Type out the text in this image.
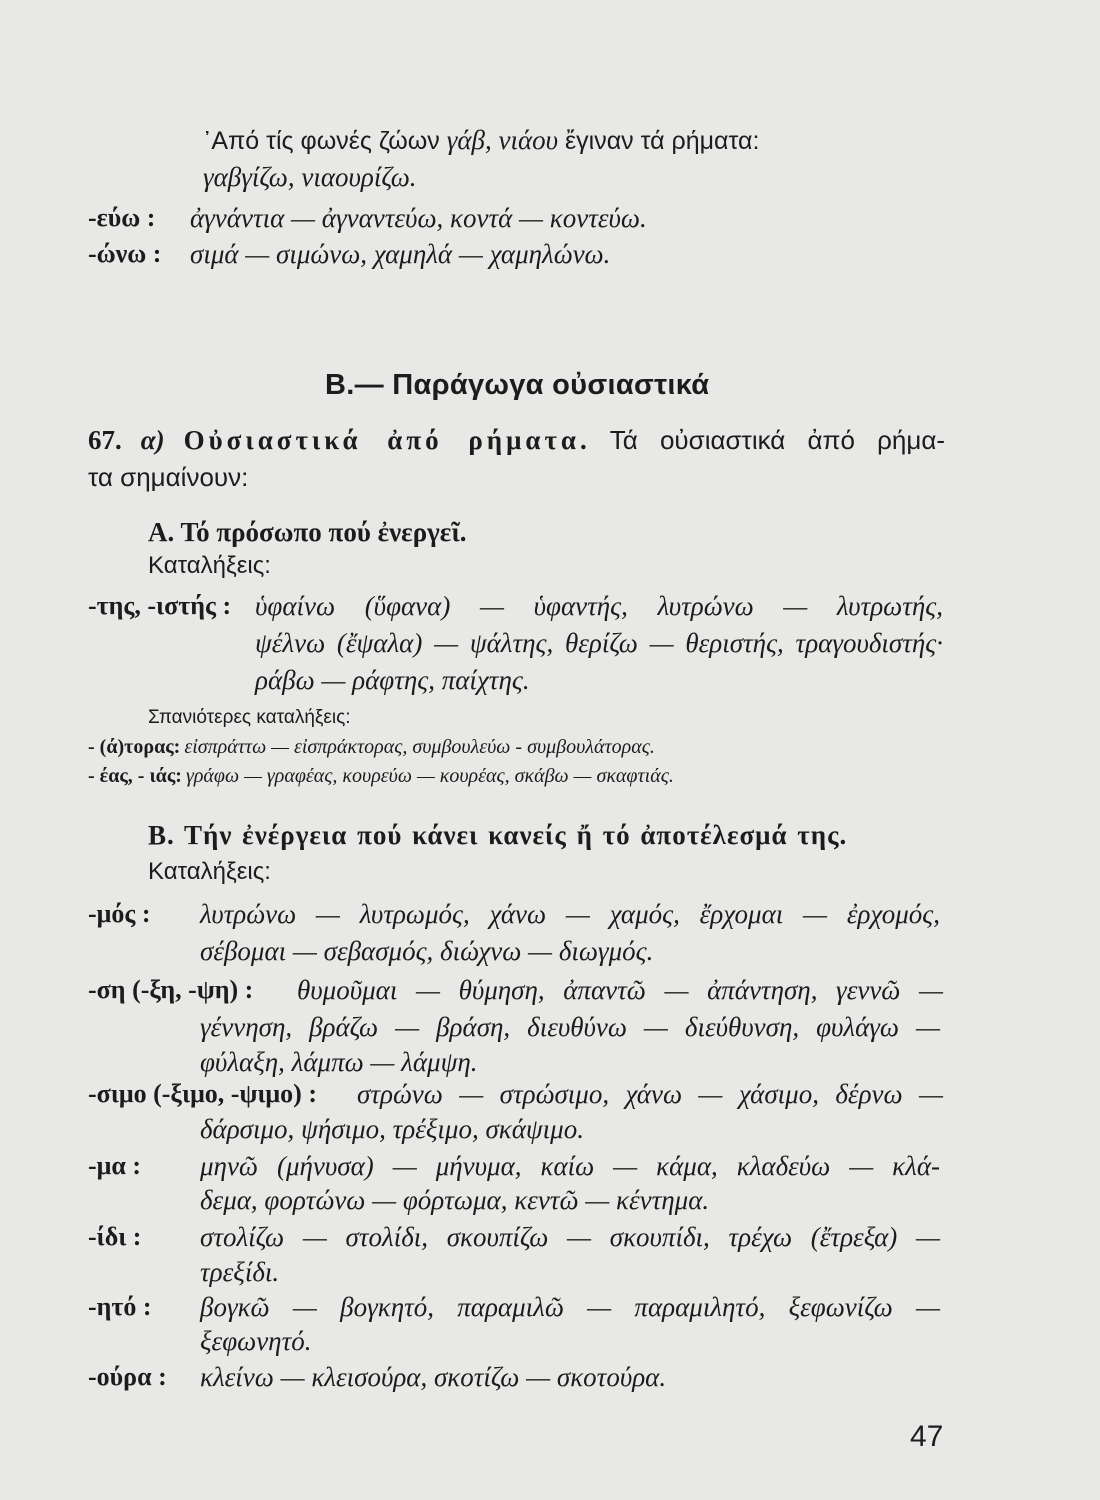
᾿Από τίς φωνές ζώων γάβ, νιάου ἔγιναν τά ρήματα:
γαβγίζω, νιαουρίζω.
-εύω : ἀγνάντια — ἀγναντεύω, κοντά — κοντεύω.
-ώνω : σιμά — σιμώνω, χαμηλά — χαμηλώνω.
Β.— Παράγωγα οὐσιαστικά
67. α) Οὐσιαστικά ἀπό ρήματα. Τά οὐσιαστικά ἀπό ρήμα-
τα σημαίνουν:
Α. Τό πρόσωπο πού ἐνεργεῖ.
Καταλήξεις:
-της, -ιστής : ὑφαίνω (ὕφανα) — ὑφαντής, λυτρώνω — λυτρωτής,
ψέλνω (ἔψαλα) — ψάλτης, θερίζω — θεριστής, τραγουδιστής·
ράβω — ράφτης, παίχτης.
Σπανιότερες καταλήξεις:
- (ά)τορας: εἰσπράττω — εἰσπράκτορας, συμβουλεύω - συμβουλάτορας.
- έας, - ιάς: γράφω — γραφέας, κουρεύω — κουρέας, σκάβω — σκαφτιάς.
Β. Τήν ἐνέργεια πού κάνει κανείς ἤ τό ἀποτέλεσμά της.
Καταλήξεις:
-μός : λυτρώνω — λυτρωμός, χάνω — χαμός, ἔρχομαι — ἐρχομός,
σέβομαι — σεβασμός, διώχνω — διωγμός.
-ση (-ξη, -ψη) : θυμοῦμαι — θύμηση, ἀπαντῶ — ἀπάντηση, γεννῶ —
γέννηση, βράζω — βράση, διευθύνω — διεύθυνση, φυλάγω —
φύλαξη, λάμπω — λάμψη.
-σιμο (-ξιμο, -ψιμο) : στρώνω — στρώσιμο, χάνω — χάσιμο, δέρνω —
δάρσιμο, ψήσιμο, τρέξιμο, σκάψιμο.
-μα : μηνῶ (μήνυσα) — μήνυμα, καίω — κάμα, κλαδεύω — κλά-
δεμα, φορτώνω — φόρτωμα, κεντῶ — κέντημα.
-ίδι : στολίζω — στολίδι, σκουπίζω — σκουπίδι, τρέχω (ἔτρεξα) —
τρεξίδι.
-ητό : βογκῶ — βογκητό, παραμιλῶ — παραμιλητό, ξεφωνίζω —
ξεφωνητό.
-ούρα : κλείνω — κλεισούρα, σκοτίζω — σκοτούρα.
47
